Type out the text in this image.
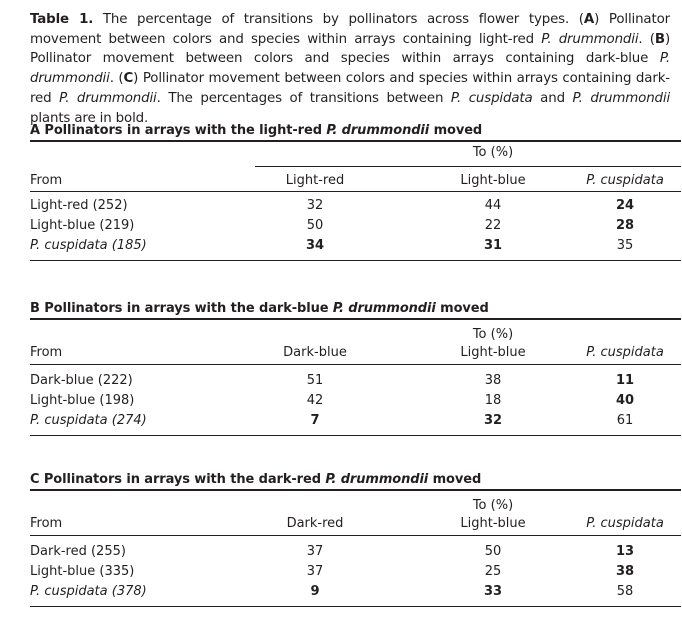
Table 1. The percentage of transitions by pollinators across flower types. (A) Pollinator movement between colors and species within arrays containing light-red P. drummondii. (B) Pollinator movement between colors and species within arrays containing dark-blue P. drummondii. (C) Pollinator movement between colors and species within arrays containing dark-red P. drummondii. The percentages of transitions between P. cuspidata and P. drummondii plants are in bold.
A Pollinators in arrays with the light-red P. drummondii moved
To (%)
From	Light-red	Light-blue	P. cuspidata
Light-red (252)	32	44	24
Light-blue (219)	50	22	28
P. cuspidata (185)	34	31	35
B Pollinators in arrays with the dark-blue P. drummondii moved
To (%)
From	Dark-blue	Light-blue	P. cuspidata
Dark-blue (222)	51	38	11
Light-blue (198)	42	18	40
P. cuspidata (274)	7	32	61
C Pollinators in arrays with the dark-red P. drummondii moved
To (%)
From	Dark-red	Light-blue	P. cuspidata
Dark-red (255)	37	50	13
Light-blue (335)	37	25	38
P. cuspidata (378)	9	33	58
